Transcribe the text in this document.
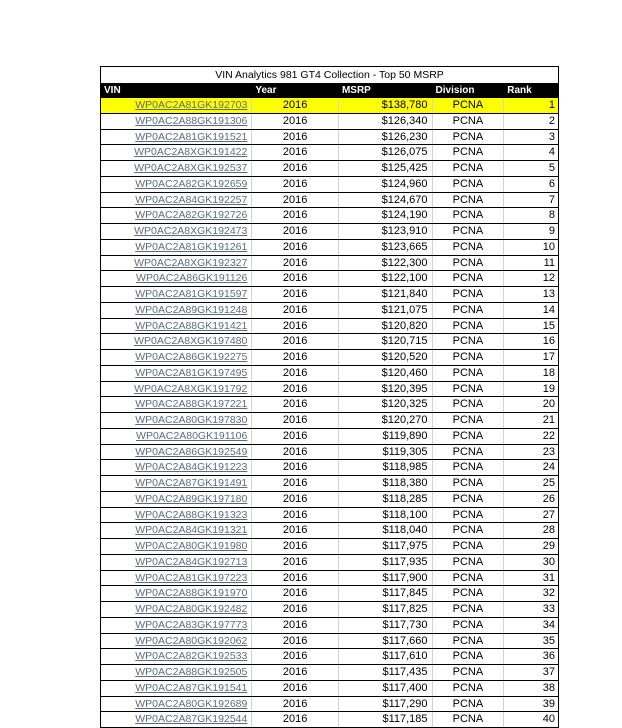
VIN Analytics 981 GT4 Collection - Top 50 MSRP
VIN	Year	MSRP	Division	Rank
WP0AC2A81GK192703	2016	$138,780	PCNA	1
WP0AC2A88GK191306	2016	$126,340	PCNA	2
WP0AC2A81GK191521	2016	$126,230	PCNA	3
WP0AC2A8XGK191422	2016	$126,075	PCNA	4
WP0AC2A8XGK192537	2016	$125,425	PCNA	5
WP0AC2A82GK192659	2016	$124,960	PCNA	6
WP0AC2A84GK192257	2016	$124,670	PCNA	7
WP0AC2A82GK192726	2016	$124,190	PCNA	8
WP0AC2A8XGK192473	2016	$123,910	PCNA	9
WP0AC2A81GK191261	2016	$123,665	PCNA	10
WP0AC2A8XGK192327	2016	$122,300	PCNA	11
WP0AC2A86GK191126	2016	$122,100	PCNA	12
WP0AC2A81GK191597	2016	$121,840	PCNA	13
WP0AC2A89GK191248	2016	$121,075	PCNA	14
WP0AC2A88GK191421	2016	$120,820	PCNA	15
WP0AC2A8XGK197480	2016	$120,715	PCNA	16
WP0AC2A86GK192275	2016	$120,520	PCNA	17
WP0AC2A81GK197495	2016	$120,460	PCNA	18
WP0AC2A8XGK191792	2016	$120,395	PCNA	19
WP0AC2A88GK197221	2016	$120,325	PCNA	20
WP0AC2A80GK197830	2016	$120,270	PCNA	21
WP0AC2A80GK191106	2016	$119,890	PCNA	22
WP0AC2A86GK192549	2016	$119,305	PCNA	23
WP0AC2A84GK191223	2016	$118,985	PCNA	24
WP0AC2A87GK191491	2016	$118,380	PCNA	25
WP0AC2A89GK197180	2016	$118,285	PCNA	26
WP0AC2A88GK191323	2016	$118,100	PCNA	27
WP0AC2A84GK191321	2016	$118,040	PCNA	28
WP0AC2A80GK191980	2016	$117,975	PCNA	29
WP0AC2A84GK192713	2016	$117,935	PCNA	30
WP0AC2A81GK197223	2016	$117,900	PCNA	31
WP0AC2A88GK191970	2016	$117,845	PCNA	32
WP0AC2A80GK192482	2016	$117,825	PCNA	33
WP0AC2A83GK197773	2016	$117,730	PCNA	34
WP0AC2A80GK192062	2016	$117,660	PCNA	35
WP0AC2A82GK192533	2016	$117,610	PCNA	36
WP0AC2A88GK192505	2016	$117,435	PCNA	37
WP0AC2A87GK191541	2016	$117,400	PCNA	38
WP0AC2A80GK192689	2016	$117,290	PCNA	39
WP0AC2A87GK192544	2016	$117,185	PCNA	40
